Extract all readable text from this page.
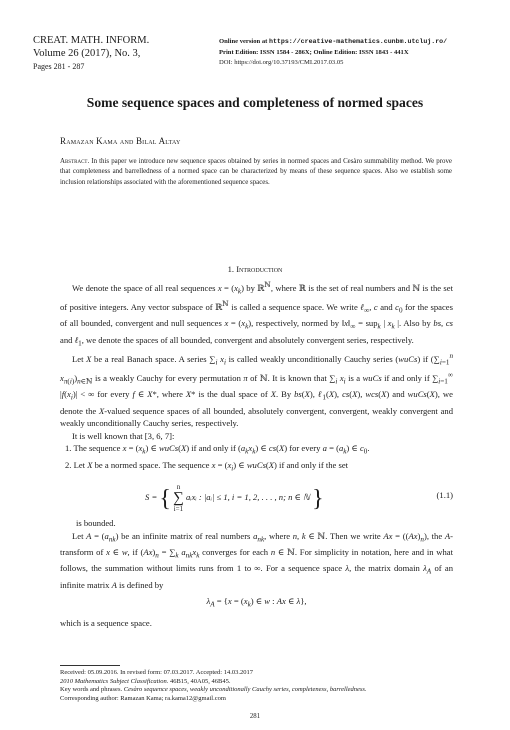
CREAT. MATH. INFORM.
Volume 26 (2017), No. 3,
Pages 281 - 287
Online version at https://creative-mathematics.cunbm.utcluj.ro/
Print Edition: ISSN 1584 - 286X; Online Edition: ISSN 1843 - 441X
DOI: https://doi.org/10.37193/CMI.2017.03.05
Some sequence spaces and completeness of normed spaces
Ramazan Kama and Bilal Altay
Abstract. In this paper we introduce new sequence spaces obtained by series in normed spaces and Cesàro summability method. We prove that completeness and barrelledness of a normed space can be characterized by means of these sequence spaces. Also we establish some inclusion relationships associated with the aforementioned sequence spaces.
1. Introduction

We denote the space of all real sequences $x = (x_k)$ by ℝ$^ℕ$, where ℝ is the set of real numbers and ℕ is the set of positive integers. Any vector subspace of ℝ$^ℕ$ is called a sequence space. We write ℓ$_\infty$, c and $c_0$ for the spaces of all bounded, convergent and null sequences $x = (x_k)$, respectively, normed by $‖x‖_\infty = sup_k$ | $x_k$ |. Also by bs, cs and ℓ$_1$, we denote the spaces of all bounded, convergent and absolutely convergent series, respectively.

Let X be a real Banach space. A series $\sum_i$ $x_i$ is called weakly unconditionally Cauchy series (wuCs) if ($\sum_{i=1}^n$ $x_{\pi(i)})_{n\in ℕ}$ is a weakly Cauchy for every permutation π of ℕ. It is known that $\sum_i$ $x_i$ is a wuCs if and only if $\sum_{i=1}^\infty$ $|f(x_i)|$ < ∞ for every f ∈ X*, where X* is the dual space of X. By bs(X), ℓ$_1$(X), cs(X), wcs(X) and wuCs(X), we denote the X-valued sequence spaces of all bounded, absolutely convergent, convergent, weakly convergent and weakly unconditionally Cauchy series, respectively.

It is well known that [3, 6, 7]:

1. The sequence $x = (x_k)$ ∈ wuCs(X) if and only if $(a_kx_k)$ ∈ cs(X) for every $a = (a_k)$ ∈ $c_0$.

2. Let X be a normed space. The sequence $x = (x_i)$ ∈ wuCs(X) if and only if the set

S = { n
∑
i=1 aᵢxᵢ : |aᵢ| ≤ 1, i = 1, 2, . . . , n; n ∈ ℕ }	(1.1)

is bounded.

Let $A = (a_{nk})$ be an infinite matrix of real numbers $a_{nk}$, where n, k ∈ ℕ. Then we write $Ax = ((Ax)_n)$, the A-transform of x ∈ w, if $(Ax)_n = \sum_k$ $a_{nk}x_k$ converges for each n ∈ ℕ. For simplicity in notation, here and in what follows, the summation without limits runs from 1 to ∞. For a sequence space λ, the matrix domain $\lambda_A$ of an infinite matrix A is defined by

$\lambda_A = \{x = (x_k)$ ∈ w : Ax ∈ λ},

which is a sequence space.

Received: 05.09.2016. In revised form: 07.03.2017. Accepted: 14.03.2017
2010 Mathematics Subject Classification. 46B15, 40A05, 46B45.
Key words and phrases. Cesàro sequence spaces, weakly unconditionally Cauchy series, completeness, barrelledness.
Corresponding author: Ramazan Kama; ra.kama12@gmail.com
281
